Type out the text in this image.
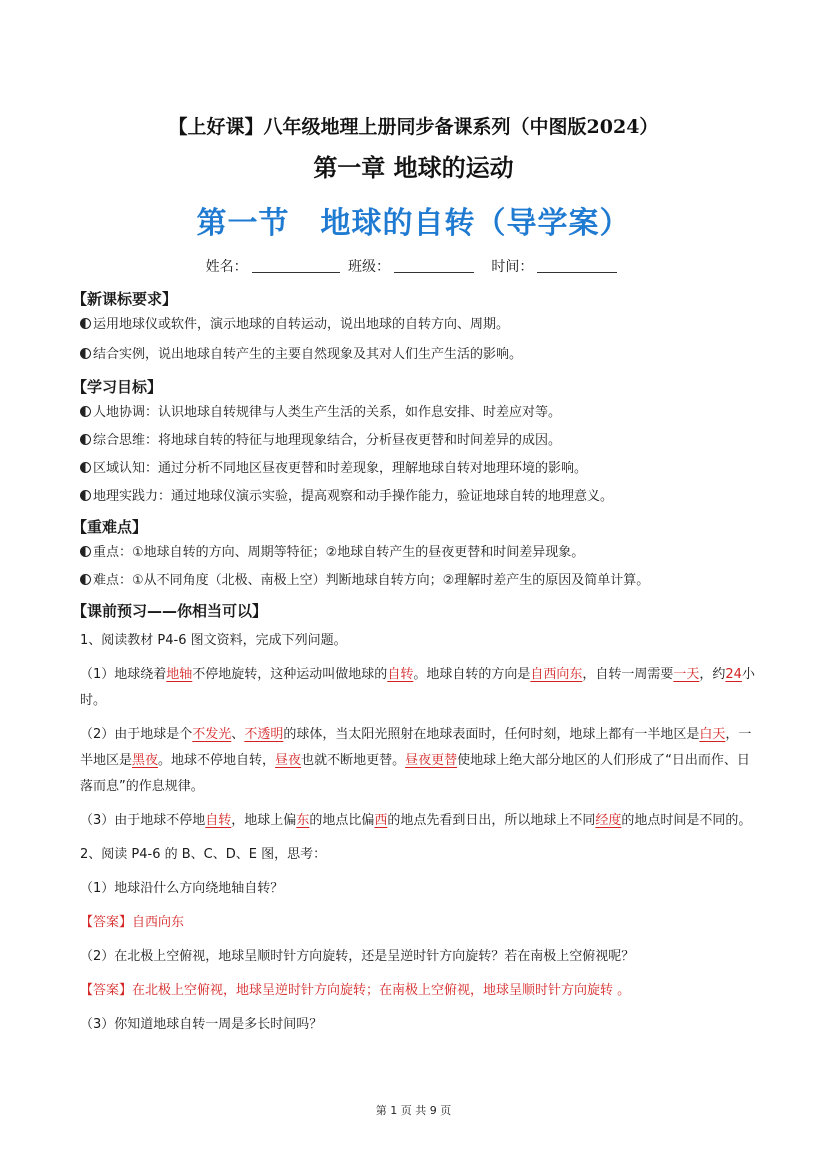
【上好课】八年级地理上册同步备课系列（中图版2024）
第一章 地球的运动
第一节　地球的自转（导学案）
姓名：	班级：	时间：
【新课标要求】
运用地球仪或软件，演示地球的自转运动，说出地球的自转方向、周期。
结合实例，说出地球自转产生的主要自然现象及其对人们生产生活的影响。
【学习目标】
人地协调：认识地球自转规律与人类生产生活的关系，如作息安排、时差应对等。
综合思维：将地球自转的特征与地理现象结合，分析昼夜更替和时间差异的成因。
区域认知：通过分析不同地区昼夜更替和时差现象，理解地球自转对地理环境的影响。
地理实践力：通过地球仪演示实验，提高观察和动手操作能力，验证地球自转的地理意义。
【重难点】
重点：①地球自转的方向、周期等特征；②地球自转产生的昼夜更替和时间差异现象。
难点：①从不同角度（北极、南极上空）判断地球自转方向；②理解时差产生的原因及简单计算。
【课前预习——你相当可以】
1、阅读教材 P4-6 图文资料，完成下列问题。
（1）地球绕着地轴不停地旋转，这种运动叫做地球的自转。地球自转的方向是自西向东，自转一周需要一天，约24小时。
（2）由于地球是个不发光、不透明的球体，当太阳光照射在地球表面时，任何时刻，地球上都有一半地区是白天，一半地区是黑夜。地球不停地自转，昼夜也就不断地更替。昼夜更替使地球上绝大部分地区的人们形成了“日出而作、日落而息”的作息规律。
（3）由于地球不停地自转，地球上偏东的地点比偏西的地点先看到日出，所以地球上不同经度的地点时间是不同的。
2、阅读 P4-6 的 B、C、D、E 图，思考：
（1）地球沿什么方向绕地轴自转？
【答案】自西向东
（2）在北极上空俯视，地球呈顺时针方向旋转，还是呈逆时针方向旋转？若在南极上空俯视呢？
【答案】在北极上空俯视，地球呈逆时针方向旋转；在南极上空俯视，地球呈顺时针方向旋转 。
（3）你知道地球自转一周是多长时间吗？
第 1 页 共 9 页
